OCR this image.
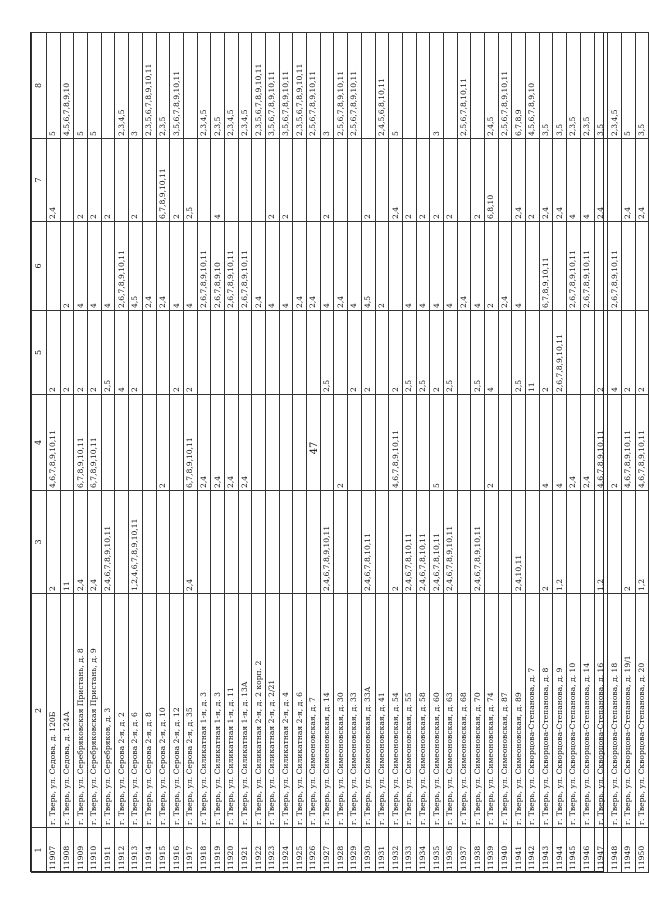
47
1	2	3	4	5	6	7	8
11907	г. Тверь, ул. Седова, д. 120Б	2	4,6,7,8,9,10,11	2		2,4	5
11908	г. Тверь, ул. Седова, д. 124А	11		2	2		4,5,6,7,8,9,10
11909	г. Тверь, ул. Серебряковская Пристань, д. 8	2,4	6,7,8,9,10,11	2	4	2	5
11910	г. Тверь, ул. Серебряковская Пристань, д. 9	2,4	6,7,8,9,10,11	2	4	2	5
11911	г. Тверь, ул. Серебряков, д. 3	2,4,6,7,8,9,10,11		2,5	4	2	
11912	г. Тверь, ул. Серова 2-я, д. 2			4	2,6,7,8,9,10,11		2,3,4,5
11913	г. Тверь, ул. Серова 2-я, д. 6	1,2,4,6,7,8,9,10,11		2	4,5	2	3
11914	г. Тверь, ул. Серова 2-я, д. 8				2,4		2,3,5,6,7,8,9,10,11
11915	г. Тверь, ул. Серова 2-я, д. 10		2		2,4	6,7,8,9,10,11	2,3,5
11916	г. Тверь, ул. Серова 2-я, д. 12			2	4	2	3,5,6,7,8,9,10,11
11917	г. Тверь, ул. Серова 2-я, д. 35	2,4	6,7,8,9,10,11	2	4	2,5	
11918	г. Тверь, ул. Силикатная 1-я, д. 3		2,4		2,6,7,8,9,10,11		2,3,4,5
11919	г. Тверь, ул. Силикатная 1-я, д. 3		2,4		2,6,7,8,9,10	4	2,3,5
11920	г. Тверь, ул. Силикатная 1-я, д. 11		2,4		2,6,7,8,9,10,11		2,3,4,5
11921	г. Тверь, ул. Силикатная 1-я, д. 13А		2,4		2,6,7,8,9,10,11		2,3,4,5
11922	г. Тверь, ул. Силикатная 2-я, д. 2 корп. 2				2,4		2,3,5,6,7,8,9,10,11
11923	г. Тверь, ул. Силикатная 2-я, д. 2/21				4	2	3,5,6,7,8,9,10,11
11924	г. Тверь, ул. Силикатная 2-я, д. 4				4	2	3,5,6,7,8,9,10,11
11925	г. Тверь, ул. Силикатная 2-я, д. 6				2,4		2,3,5,6,7,8,9,10,11
11926	г. Тверь, ул. Симеоновская, д. 7				2,4		2,5,6,7,8,9,10,11
11927	г. Тверь, ул. Симеоновская, д. 14	2,4,6,7,8,9,10,11		2,5	4	2	3
11928	г. Тверь, ул. Симеоновская, д. 30		2		2,4		2,5,6,7,8,9,10,11
11929	г. Тверь, ул. Симеоновская, д. 33			2	4		2,5,6,7,8,9,10,11
11930	г. Тверь, ул. Симеоновская, д. 33А	2,4,6,7,8,10,11		2	4,5	2	
11931	г. Тверь, ул. Симеоновская, д. 41				2		2,4,5,6,8,10,11
11932	г. Тверь, ул. Симеоновская, д. 54	2	4,6,7,8,9,10,11	2		2,4	5
11933	г. Тверь, ул. Симеоновская, д. 55	2,4,6,7,8,10,11		2,5	4	2	
11934	г. Тверь, ул. Симеоновская, д. 58	2,4,6,7,8,10,11		2,5	4	2	
11935	г. Тверь, ул. Симеоновская, д. 60	2,4,6,7,8,10,11	5	2	4	2	3
11936	г. Тверь, ул. Симеоновская, д. 63	2,4,6,7,8,9,10,11		2,5	4	2	
11937	г. Тверь, ул. Симеоновская, д. 68				2,4		2,5,6,7,8,10,11
11938	г. Тверь, ул. Симеоновская, д. 70	2,4,6,7,8,9,10,11		2,5	4	2	
11939	г. Тверь, ул. Симеоновская, д. 74		2	4	2	6,8,10	2,4,5
11940	г. Тверь, ул. Симеоновская, д. 87				2,4		2,5,6,7,8,9,10,11
11941	г. Тверь, ул. Симеоновская, д. 89	2,4,10,11		2,5	4	2,4	6,7,8,9
11942	г. Тверь, ул. Скворцова-Степанова, д. 7			11		2	4,5,6,7,8,9,10
11943	г. Тверь, ул. Скворцова-Степанова, д. 8	2	4	2	6,7,8,9,10,11	2,4	3,5
11944	г. Тверь, ул. Скворцова-Степанова, д. 9	1,2	4	2,6,7,8,9,10,11		2,4	3,5
11945	г. Тверь, ул. Скворцова-Степанова, д. 10		2,4		2,6,7,8,9,10,11	4	2,3,5
11946	г. Тверь, ул. Скворцова-Степанова, д. 14		2,4		2,6,7,8,9,10,11	4	2,3,5
11947	г. Тверь, ул. Скворцова-Степанова, д. 16	1,2	4,6,7,8,9,10,11	2		2,4	3,5
11948	г. Тверь, ул. Скворцова-Степанова, д. 18		2	4	2,6,7,8,9,10,11		2,3,4,5
11949	г. Тверь, ул. Скворцова-Степанова, д. 19/1	2	4,6,7,8,9,10,11	2		2,4	5
11950	г. Тверь, ул. Скворцова-Степанова, д. 20	1,2	4,6,7,8,9,10,11	2		2,4	3,5
